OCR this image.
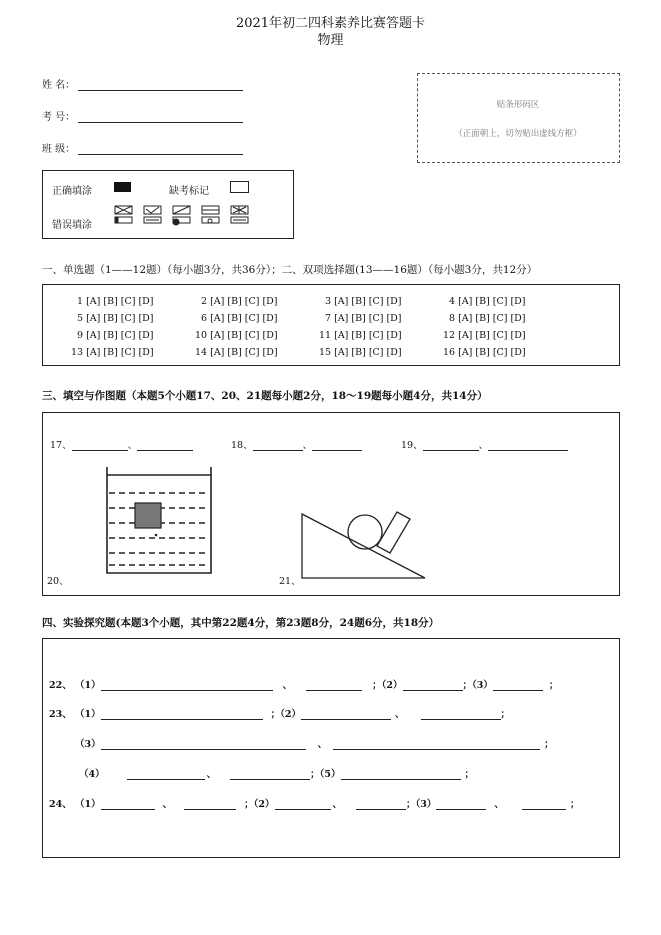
2021年初二四科素养比赛答题卡
物理
姓 名：
考 号：
班 级：
贴条形码区
（正面朝上，切勿贴出虚线方框）
正确填涂	缺考标记
错误填涂
一、单选题（1——12题）（每小题3分，共36分）；二、双项选择题(13——16题）（每小题3分，共12分）
1 [A] [B] [C] [D]	2 [A] [B] [C] [D]	3 [A] [B] [C] [D]	4 [A] [B] [C] [D]
5 [A] [B] [C] [D]	6 [A] [B] [C] [D]	7 [A] [B] [C] [D]	8 [A] [B] [C] [D]
9 [A] [B] [C] [D]	10 [A] [B] [C] [D]	11 [A] [B] [C] [D]	12 [A] [B] [C] [D]
13 [A] [B] [C] [D]	14 [A] [B] [C] [D]	15 [A] [B] [C] [D]	16 [A] [B] [C] [D]
三、填空与作图题（本题5个小题17、20、21题每小题2分，18～19题每小题4分，共14分）
17、	、	18、	、	19、	、
20、	21、
四、实验探究题(本题3个小题，其中第22题4分，第23题8分，24题6分，共18分）
22、 （1）	、	；（2）	；（3）	；
23、 （1）	；（2）	、	；
（3）	、	；
（4）	、	；（5）	；
24、 （1）	、	；（2）	、	；（3）	、	；
